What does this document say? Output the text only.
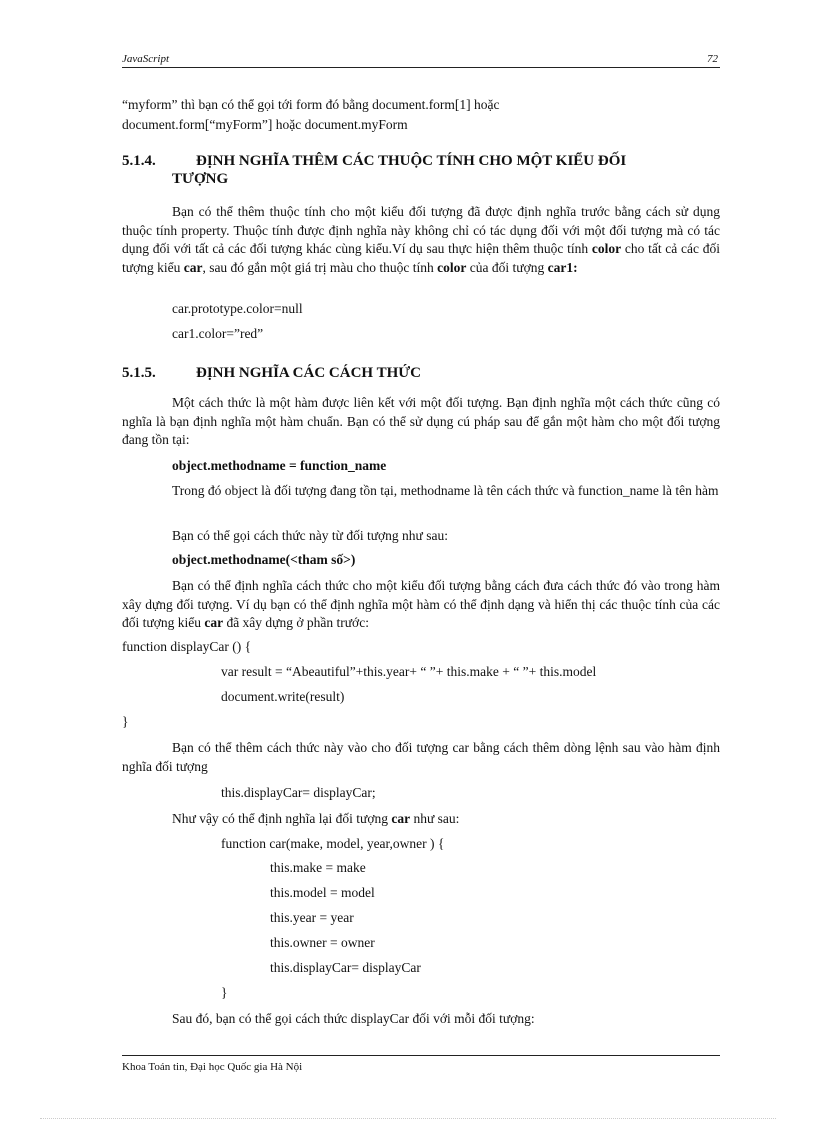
JavaScript	72
“myform” thì bạn có thể gọi tới form đó bằng document.form[1] hoặc
document.form[“myForm”] hoặc document.myForm
5.1.4.	ĐỊNH NGHĨA THÊM CÁC THUỘC TÍNH CHO MỘT KIỂU ĐỐI
TƯỢNG
Bạn có thể thêm thuộc tính cho một kiểu đối tượng đã được định nghĩa trước bằng cách sử dụng thuộc tính property. Thuộc tính được định nghĩa này không chỉ có tác dụng đối với một đối tượng mà có tác dụng đối với tất cả các đối tượng khác cùng kiểu.Ví dụ sau thực hiện thêm thuộc tính color cho tất cả các đối tượng kiểu car, sau đó gắn một giá trị màu cho thuộc tính color của đối tượng car1:
car.prototype.color=null
car1.color=”red”
5.1.5.	ĐỊNH NGHĨA CÁC CÁCH THỨC
Một cách thức là một hàm được liên kết với một đối tượng. Bạn định nghĩa một cách thức cũng có nghĩa là bạn định nghĩa một hàm chuẩn. Bạn có thể sử dụng cú pháp sau để gắn một hàm cho một đối tượng đang tồn tại:
object.methodname = function_name
Trong đó object là đối tượng đang tồn tại, methodname là tên cách thức và function_name là tên hàm
Bạn có thể gọi cách thức này từ đối tượng như sau:
object.methodname(<tham số>)
Bạn có thể định nghĩa cách thức cho một kiểu đối tượng bằng cách đưa cách thức đó vào trong hàm xây dựng đối tượng. Ví dụ bạn có thể định nghĩa một hàm có thể định dạng và hiển thị các thuộc tính của các đối tượng kiểu car đã xây dựng ở phần trước:
function displayCar () {
var result = “Abeautiful”+this.year+ “ ”+ this.make + “ ”+ this.model
document.write(result)
}
Bạn có thể thêm cách thức này vào cho đối tượng car bằng cách thêm dòng lệnh sau vào hàm định nghĩa đối tượng
this.displayCar= displayCar;
Như vậy có thể định nghĩa lại đối tượng car như sau:
function car(make, model, year,owner ) {
this.make = make
this.model = model
this.year = year
this.owner = owner
this.displayCar= displayCar
}
Sau đó, bạn có thể gọi cách thức displayCar đối với mỗi đối tượng:
Khoa Toán tin, Đại học Quốc gia Hà Nội
